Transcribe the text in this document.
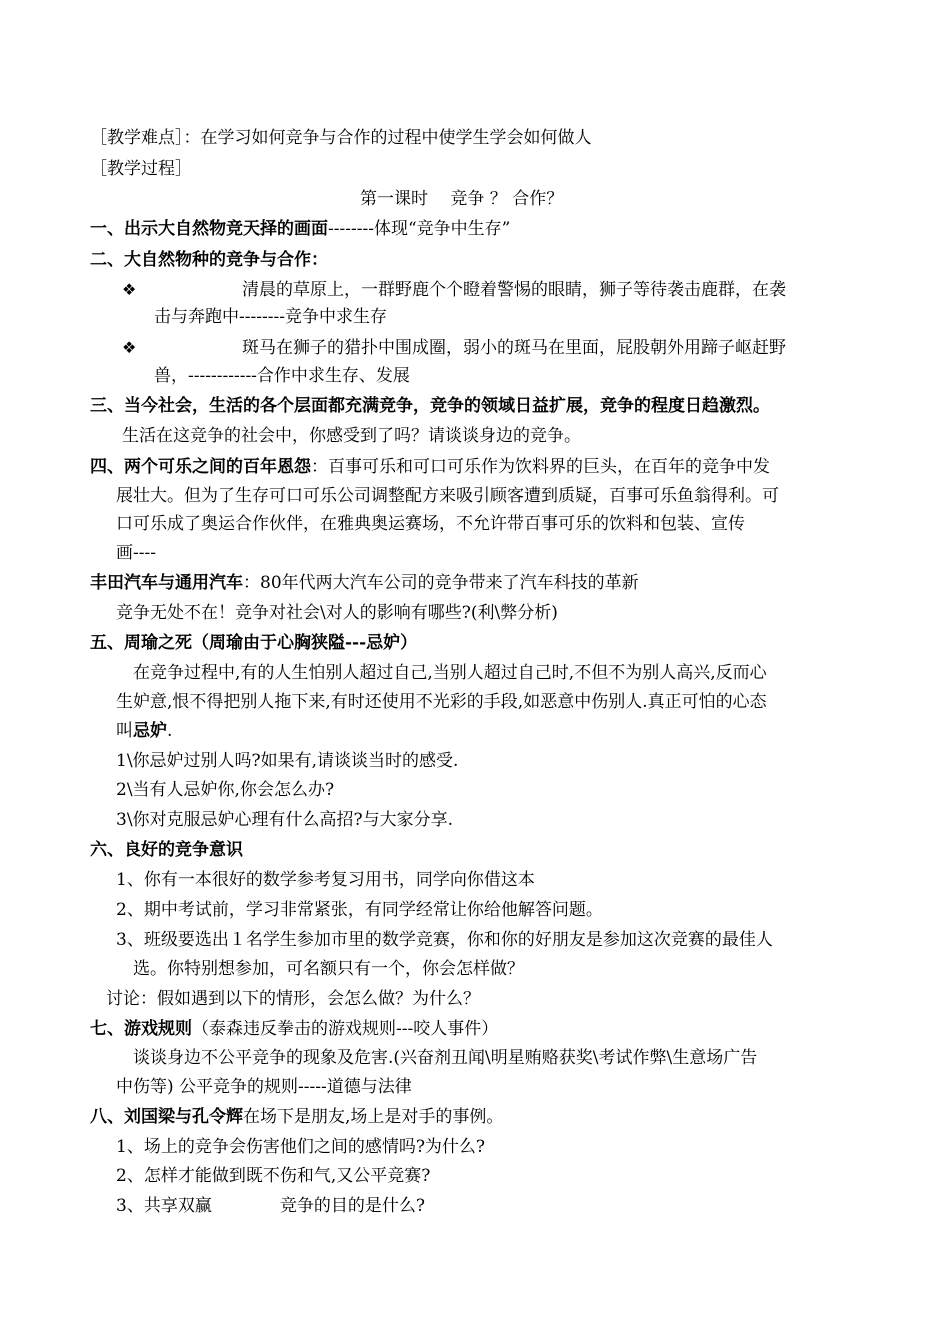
［教学难点］：在学习如何竞争与合作的过程中使学生学会如何做人

［教学过程］

第一课时　 竞争 ？ 合作？

一、出示大自然物竞天择的画面--------体现“竞争中生存”

二、大自然物种的竞争与合作：

❖	清晨的草原上，一群野鹿个个瞪着警惕的眼睛，狮子等待袭击鹿群，在袭

击与奔跑中--------竞争中求生存

❖	斑马在狮子的猎扑中围成圈，弱小的斑马在里面，屁股朝外用蹄子岖赶野

兽，------------合作中求生存、发展

三、当今社会，生活的各个层面都充满竞争，竞争的领域日益扩展，竞争的程度日趋激烈。

生活在这竞争的社会中，你感受到了吗？请谈谈身边的竞争。

四、两个可乐之间的百年恩怨：百事可乐和可口可乐作为饮料界的巨头，在百年的竞争中发

展壮大。但为了生存可口可乐公司调整配方来吸引顾客遭到质疑，百事可乐鱼翁得利。可

口可乐成了奥运合作伙伴，在雅典奥运赛场，不允许带百事可乐的饮料和包装、宣传

画----

丰田汽车与通用汽车：80年代两大汽车公司的竞争带来了汽车科技的革新

竞争无处不在！竞争对社会\对人的影响有哪些?(利\弊分析)

五、周瑜之死（周瑜由于心胸狭隘---忌妒）

在竞争过程中,有的人生怕别人超过自己,当别人超过自己时,不但不为别人高兴,反而心

生妒意,恨不得把别人拖下来,有时还使用不光彩的手段,如恶意中伤别人.真正可怕的心态

叫忌妒.

1\你忌妒过别人吗?如果有,请谈谈当时的感受.

2\当有人忌妒你,你会怎么办?

3\你对克服忌妒心理有什么高招?与大家分享.

六、良好的竞争意识

1、你有一本很好的数学参考复习用书，同学向你借这本

2、期中考试前，学习非常紧张，有同学经常让你给他解答问题。

3、班级要选出１名学生参加市里的数学竞赛，你和你的好朋友是参加这次竞赛的最佳人

选。你特别想参加，可名额只有一个，你会怎样做？

讨论：假如遇到以下的情形，会怎么做？为什么？

七、游戏规则（泰森违反拳击的游戏规则---咬人事件）

谈谈身边不公平竞争的现象及危害.(兴奋剂丑闻\明星贿赂获奖\考试作弊\生意场广告

中伤等) 公平竞争的规则-----道德与法律

八、刘国梁与孔令辉在场下是朋友,场上是对手的事例。

1、场上的竞争会伤害他们之间的感情吗?为什么?

2、怎样才能做到既不伤和气,又公平竞赛?

3、共享双赢　　　　竞争的目的是什么?
